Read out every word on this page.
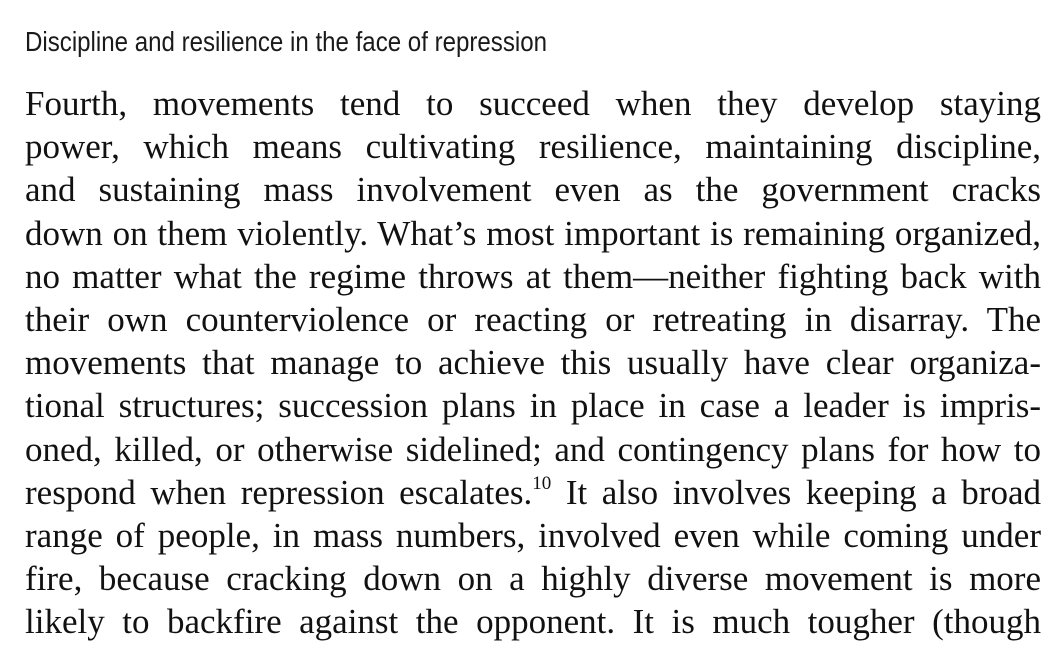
Discipline and resilience in the face of repression
Fourth, movements tend to succeed when they develop staying
power, which means cultivating resilience, maintaining discipline,
and sustaining mass involvement even as the government cracks
down on them violently. What’s most important is remaining organized,
no matter what the regime throws at them—neither fighting back with
their own counterviolence or reacting or retreating in disarray. The
movements that manage to achieve this usually have clear organiza-
tional structures; succession plans in place in case a leader is impris-
oned, killed, or otherwise sidelined; and contingency plans for how to
respond when repression escalates.$^{10}$ It also involves keeping a broad
range of people, in mass numbers, involved even while coming under
fire, because cracking down on a highly diverse movement is more
likely to backfire against the opponent. It is much tougher (though
